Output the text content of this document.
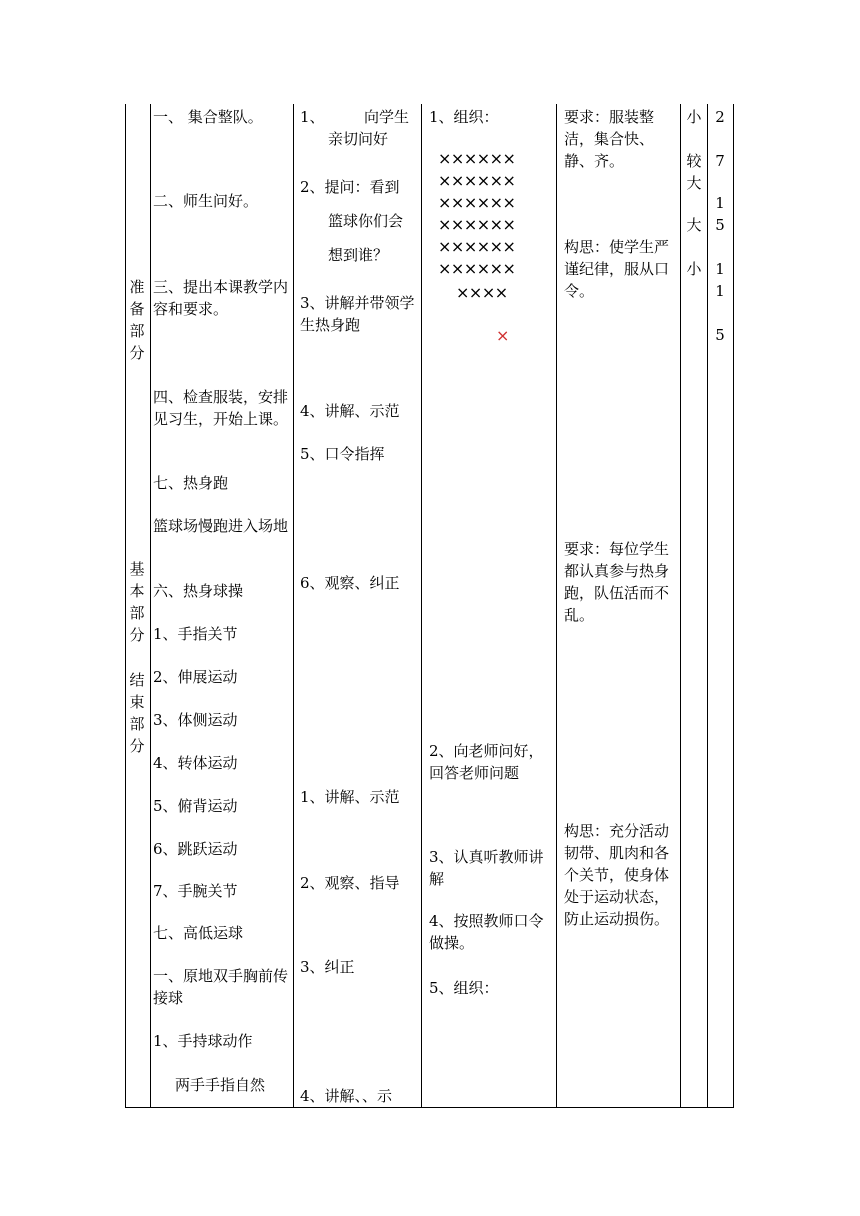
准备部分
基本部分
结束部分
一、 集合整队。
二、师生问好。
三、提出本课教学内容和要求。
四、检查服装，安排见习生，开始上课。
七、热身跑
篮球场慢跑进入场地
六、热身球操
1、手指关节
2、伸展运动
3、体侧运动
4、转体运动
5、俯背运动
6、跳跃运动
7、手腕关节
七、高低运球
一、原地双手胸前传接球
1、手持球动作
两手手指自然
1、	向学生
亲切问好
2、提问：看到
篮球你们会
想到谁？
3、讲解并带领学生热身跑
4、讲解、示范
5、口令指挥
6、观察、纠正
1、讲解、示范
2、观察、指导
3、纠正
4、讲解、、示
1、组织：
××××××
××××××
××××××
××××××
××××××
××××××
××××
×
2、向老师问好，回答老师问题
3、认真听教师讲解
4、按照教师口令做操。
5、组织：
要求：服装整洁，集合快、静、齐。
构思：使学生严谨纪律，服从口令。
要求：每位学生都认真参与热身跑，队伍活而不乱。
构思：充分活动韧带、肌肉和各个关节，使身体处于运动状态，防止运动损伤。
小
较大
大
小
2
7
1
5
1
1
5
